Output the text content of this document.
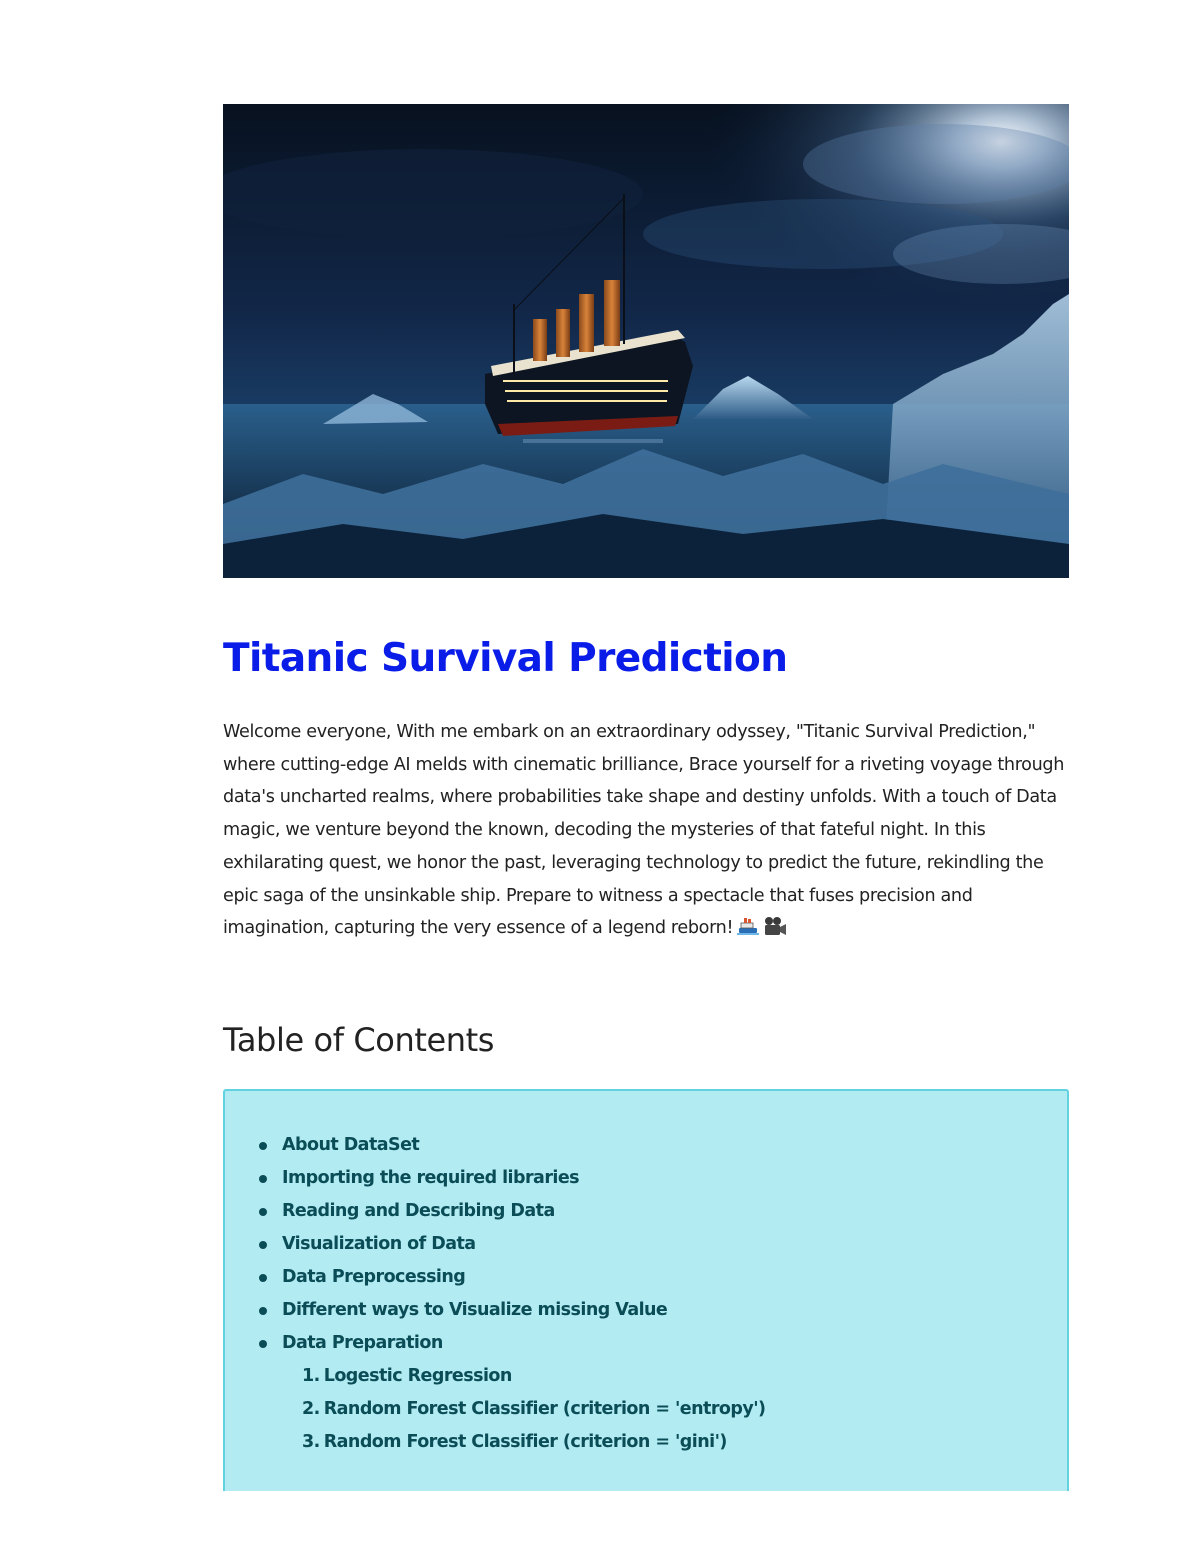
Titanic Survival Prediction

Welcome everyone, With me embark on an extraordinary odyssey, "Titanic Survival Prediction," where cutting-edge AI melds with cinematic brilliance, Brace yourself for a riveting voyage through data's uncharted realms, where probabilities take shape and destiny unfolds. With a touch of Data magic, we venture beyond the known, decoding the mysteries of that fateful night. In this exhilarating quest, we honor the past, leveraging technology to predict the future, rekindling the epic saga of the unsinkable ship. Prepare to witness a spectacle that fuses precision and imagination, capturing the very essence of a legend reborn!

Table of Contents
About DataSet
Importing the required libraries
Reading and Describing Data
Visualization of Data
Data Preprocessing
Different ways to Visualize missing Value
Data Preparation
1. Logestic Regression
2. Random Forest Classifier (criterion = 'entropy')
3. Random Forest Classifier (criterion = 'gini')
